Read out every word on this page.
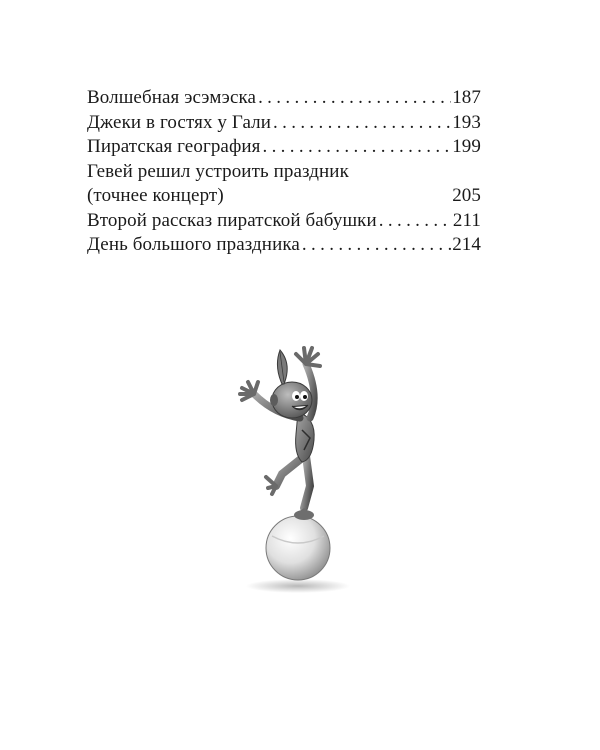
Волшебная эсэмэска . . .	187
Джеки в гостях у Гали . . .	193
Пиратская география . . .	199
Гевей решил устроить праздник
(точнее концерт)	205
Второй рассказ пиратской бабушки . . .	211
День большого праздника . . .	214
